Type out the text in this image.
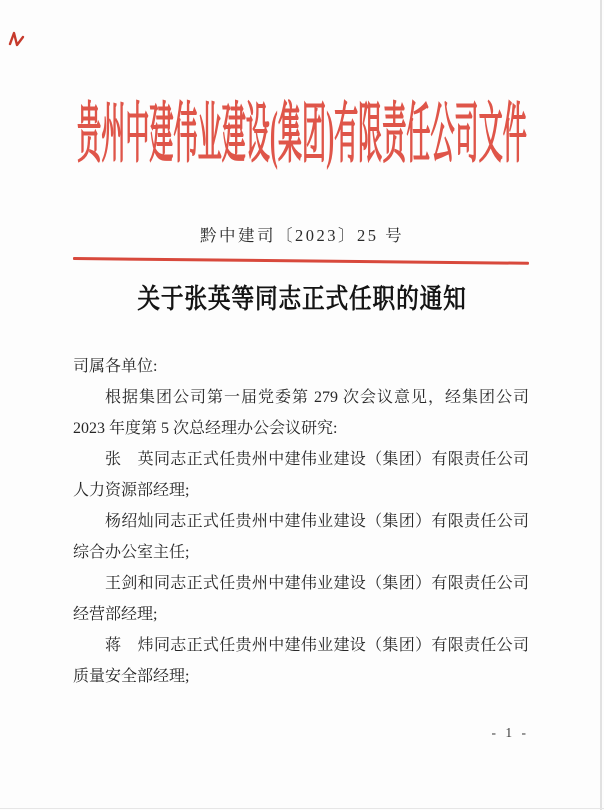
贵州中建伟业建设(集团)有限责任公司文件
黔中建司〔2023〕25 号
关于张英等同志正式任职的通知

司属各单位:

根据集团公司第一届党委第 279 次会议意见，经集团公司2023 年度第 5 次总经理办公会议研究:

张　英同志正式任贵州中建伟业建设（集团）有限责任公司人力资源部经理;

杨绍灿同志正式任贵州中建伟业建设（集团）有限责任公司综合办公室主任;

王剑和同志正式任贵州中建伟业建设（集团）有限责任公司经营部经理;

蒋　炜同志正式任贵州中建伟业建设（集团）有限责任公司质量安全部经理;

- 1 -
